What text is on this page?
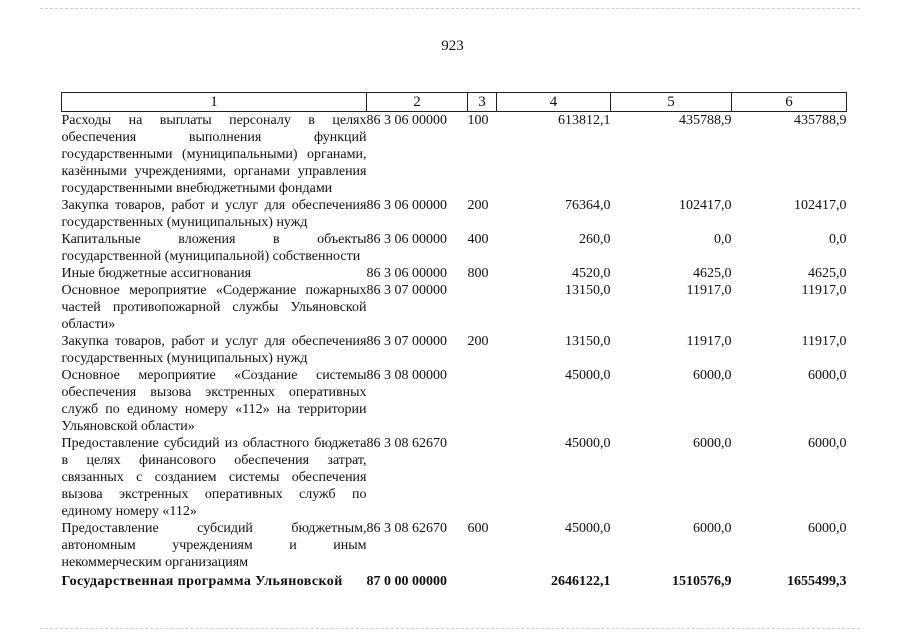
923
1	2	3	4	5	6
Расходы на выплаты персоналу в целях обеспечения выполнения функций государственными (муниципальными) органами, казёнными учреждениями, органами управления государственными внебюджетными фондами	86 3 06 00000	100	613812,1	435788,9	435788,9
Закупка товаров, работ и услуг для обеспечения государственных (муниципальных) нужд	86 3 06 00000	200	76364,0	102417,0	102417,0
Капитальные вложения в объекты государственной (муниципальной) собственности	86 3 06 00000	400	260,0	0,0	0,0
Иные бюджетные ассигнования	86 3 06 00000	800	4520,0	4625,0	4625,0
Основное мероприятие «Содержание пожарных частей противопожарной службы Ульяновской области»	86 3 07 00000		13150,0	11917,0	11917,0
Закупка товаров, работ и услуг для обеспечения государственных (муниципальных) нужд	86 3 07 00000	200	13150,0	11917,0	11917,0
Основное мероприятие «Создание системы обеспечения вызова экстренных оперативных служб по единому номеру «112» на территории Ульяновской области»	86 3 08 00000		45000,0	6000,0	6000,0
Предоставление субсидий из областного бюджета в целях финансового обеспечения затрат, связанных с созданием системы обеспечения вызова экстренных оперативных служб по единому номеру «112»	86 3 08 62670		45000,0	6000,0	6000,0
Предоставление субсидий бюджетным, автономным учреждениям и иным некоммерческим организациям	86 3 08 62670	600	45000,0	6000,0	6000,0
Государственная программа Ульяновской	87 0 00 00000		2646122,1	1510576,9	1655499,3
